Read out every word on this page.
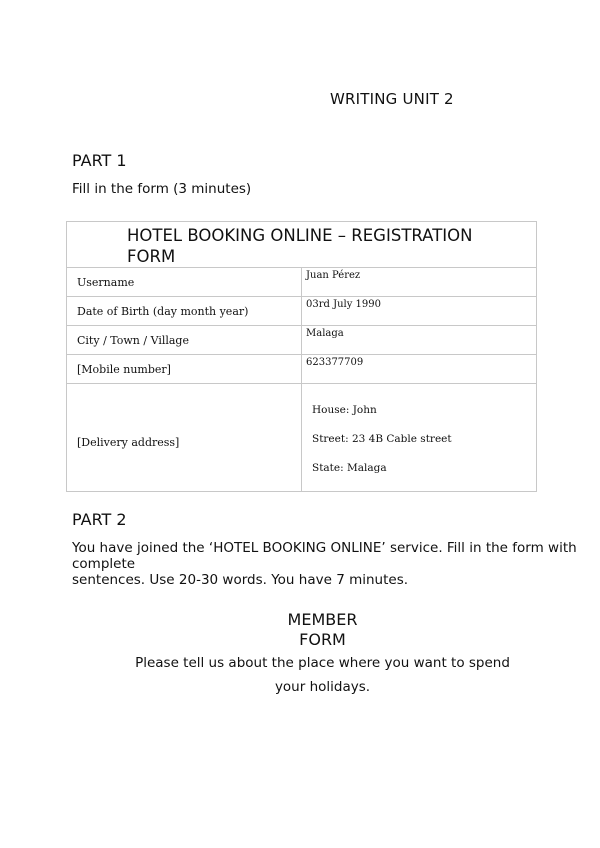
WRITING UNIT 2
PART 1
Fill in the form (3 minutes)
HOTEL BOOKING ONLINE – REGISTRATION
FORM	

Username	Juan Pérez

Date of Birth (day month year)	03rd July 1990

City / Town / Village	Malaga

[Mobile number]	623377709

[Delivery address]	House: John
Street: 23 4B Cable street
State: Malaga
PART 2
You have joined the ‘HOTEL BOOKING ONLINE’ service. Fill in the form with complete
sentences. Use 20-30 words. You have 7 minutes.
MEMBER
FORM
Please tell us about the place where you want to spend
your holidays.
